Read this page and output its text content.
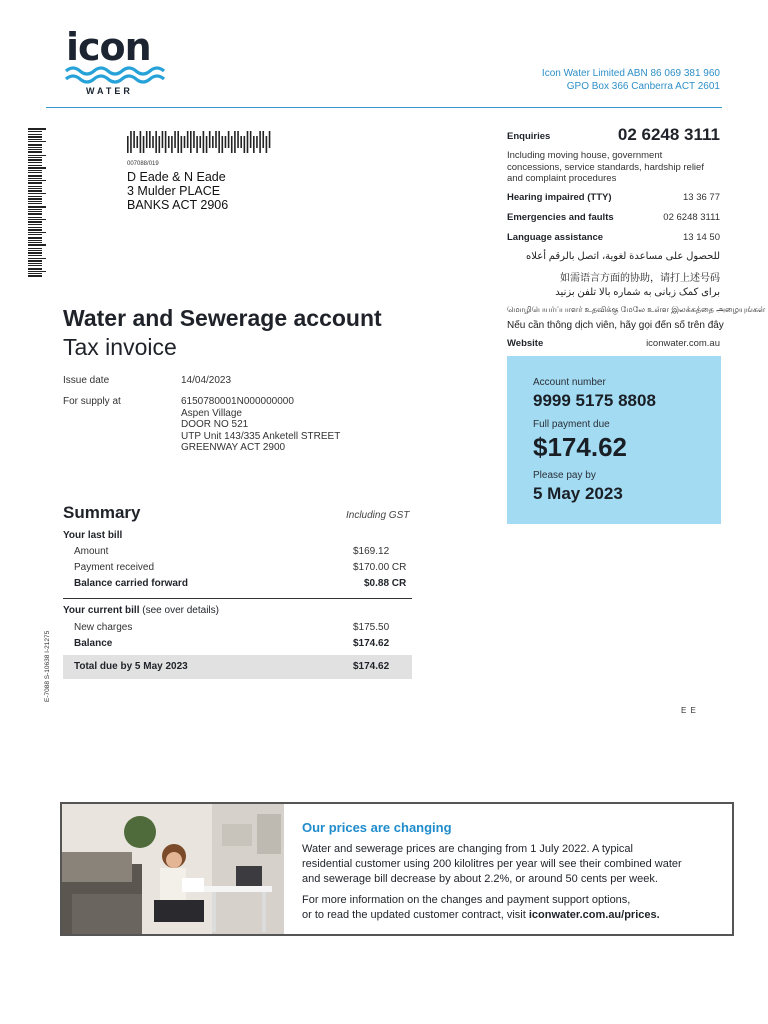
icon
WATER
Icon Water Limited ABN 86 069 381 960
GPO Box 366 Canberra ACT 2601
007088/019
D Eade & N Eade
3 Mulder PLACE
BANKS ACT 2906
E-7088 S-10638 I-21275
Enquiries	02 6248 3111
Including moving house, government concessions, service standards, hardship relief and complaint procedures
Hearing impaired (TTY)	13 36 77
Emergencies and faults	02 6248 3111
Language assistance	13 14 50
للحصول على مساعدة لغوية، اتصل بالرقم أعلاه
如需语言方面的协助，请打上述号码
برای کمک زبانی به شماره بالا تلفن بزنید
மொழிபெயர்ப்பாளர் உதவிக்கு மேலே உள்ள இலக்கத்தை அழையுங்கள்
Nếu cần thông dịch viên, hãy gọi đến số trên đây
Website	iconwater.com.au
Account number
9999 5175 8808
Full payment due
$174.62
Please pay by
5 May 2023
Water and Sewerage account
Tax invoice
Issue date	14/04/2023
For supply at	6150780001N000000000
Aspen Village
DOOR NO 521
UTP Unit 143/335 Anketell STREET
GREENWAY ACT 2900
Summary	Including GST
Your last bill
Amount	$169.12
Payment received	$170.00 CR
Balance carried forward	$0.88 CR
Your current bill (see over details)
New charges	$175.50
Balance	$174.62
Total due by 5 May 2023	$174.62
E E
Our prices are changing
Water and sewerage prices are changing from 1 July 2022. A typical
residential customer using 200 kilolitres per year will see their combined water
and sewerage bill decrease by about 2.2%, or around 50 cents per week.
For more information on the changes and payment support options,
or to read the updated customer contract, visit iconwater.com.au/prices.
